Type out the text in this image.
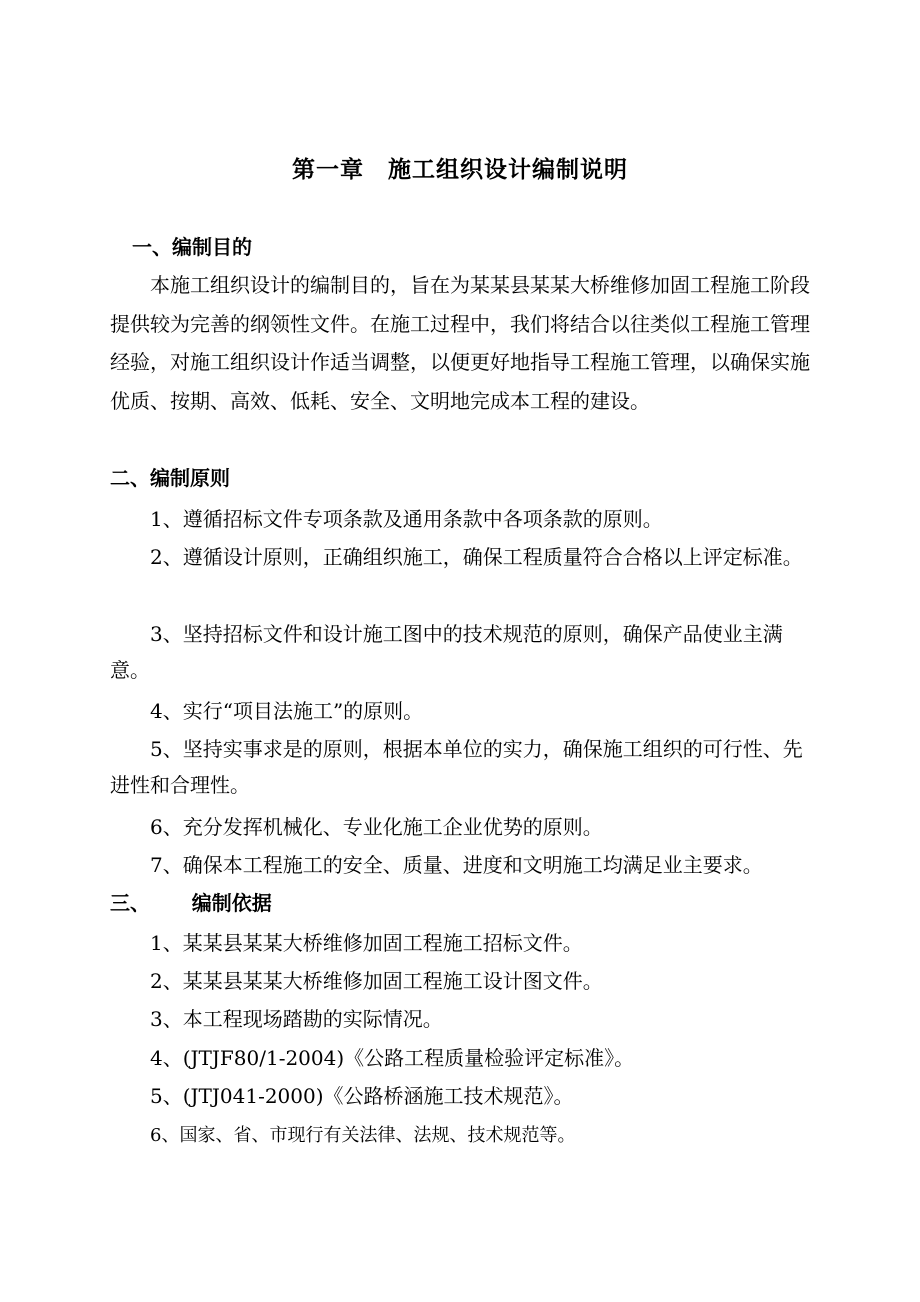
第一章　施工组织设计编制说明
一、编制目的

本施工组织设计的编制目的，旨在为某某县某某大桥维修加固工程施工阶段提供较为完善的纲领性文件。在施工过程中，我们将结合以往类似工程施工管理经验，对施工组织设计作适当调整，以便更好地指导工程施工管理，以确保实施优质、按期、高效、低耗、安全、文明地完成本工程的建设。

二、编制原则

1、遵循招标文件专项条款及通用条款中各项条款的原则。

2、遵循设计原则，正确组织施工，确保工程质量符合合格以上评定标准。

3、坚持招标文件和设计施工图中的技术规范的原则，确保产品使业主满意。

4、实行“项目法施工”的原则。

5、坚持实事求是的原则，根据本单位的实力，确保施工组织的可行性、先进性和合理性。

6、充分发挥机械化、专业化施工企业优势的原则。

7、确保本工程施工的安全、质量、进度和文明施工均满足业主要求。

三、      编制依据

1、某某县某某大桥维修加固工程施工招标文件。

2、某某县某某大桥维修加固工程施工设计图文件。

3、本工程现场踏勘的实际情况。

4、(JTJF80/1-2004)《公路工程质量检验评定标准》。

5、(JTJ041-2000)《公路桥涵施工技术规范》。

6、国家、省、市现行有关法律、法规、技术规范等。
